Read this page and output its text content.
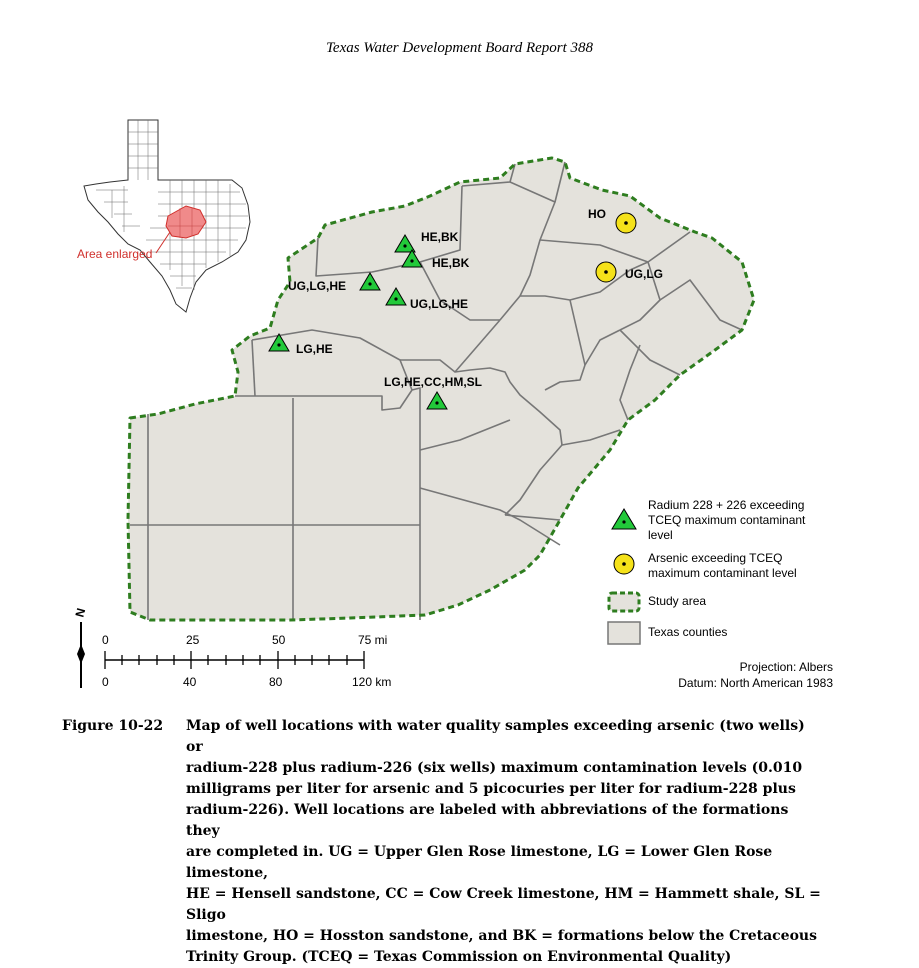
Texas Water Development Board Report 388
Area enlarged
HE,BK
HE,BK
UG,LG,HE
UG,LG,HE
LG,HE
LG,HE,CC,HM,SL
HO
UG,LG
Radium 228 + 226 exceeding
TCEQ maximum contaminant
level
Arsenic exceeding TCEQ
maximum contaminant level
Study area
Texas counties
N
0	25	50	75 mi
0	40	80	120 km
Projection: Albers
Datum: North American 1983
Figure 10-22	Map of well locations with water quality samples exceeding arsenic (two wells) or
radium-228 plus radium-226 (six wells) maximum contamination levels (0.010
milligrams per liter for arsenic and 5 picocuries per liter for radium-228 plus
radium-226). Well locations are labeled with abbreviations of the formations they
are completed in. UG = Upper Glen Rose limestone, LG = Lower Glen Rose limestone,
HE = Hensell sandstone, CC = Cow Creek limestone, HM = Hammett shale, SL = Sligo
limestone, HO = Hosston sandstone, and BK = formations below the Cretaceous
Trinity Group. (TCEQ = Texas Commission on Environmental Quality)
